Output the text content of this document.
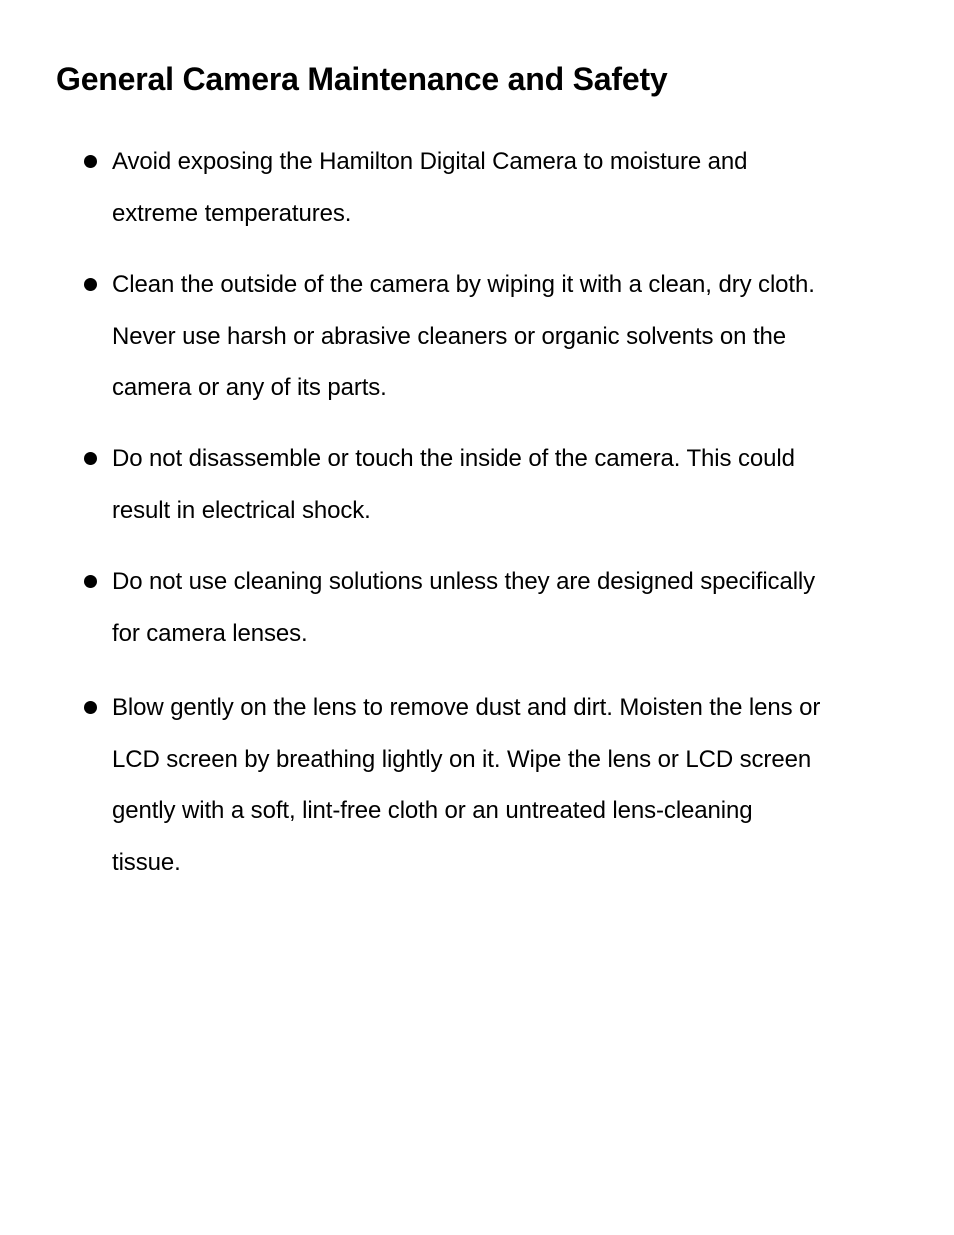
General Camera Maintenance and Safety
Avoid exposing the Hamilton Digital Camera to moisture and
extreme temperatures.
Clean the outside of the camera by wiping it with a clean, dry cloth.
Never use harsh or abrasive cleaners or organic solvents on the
camera or any of its parts.
Do not disassemble or touch the inside of the camera. This could
result in electrical shock.
Do not use cleaning solutions unless they are designed specifically
for camera lenses.
Blow gently on the lens to remove dust and dirt. Moisten the lens or
LCD screen by breathing lightly on it. Wipe the lens or LCD screen
gently with a soft, lint-free cloth or an untreated lens-cleaning
tissue.
